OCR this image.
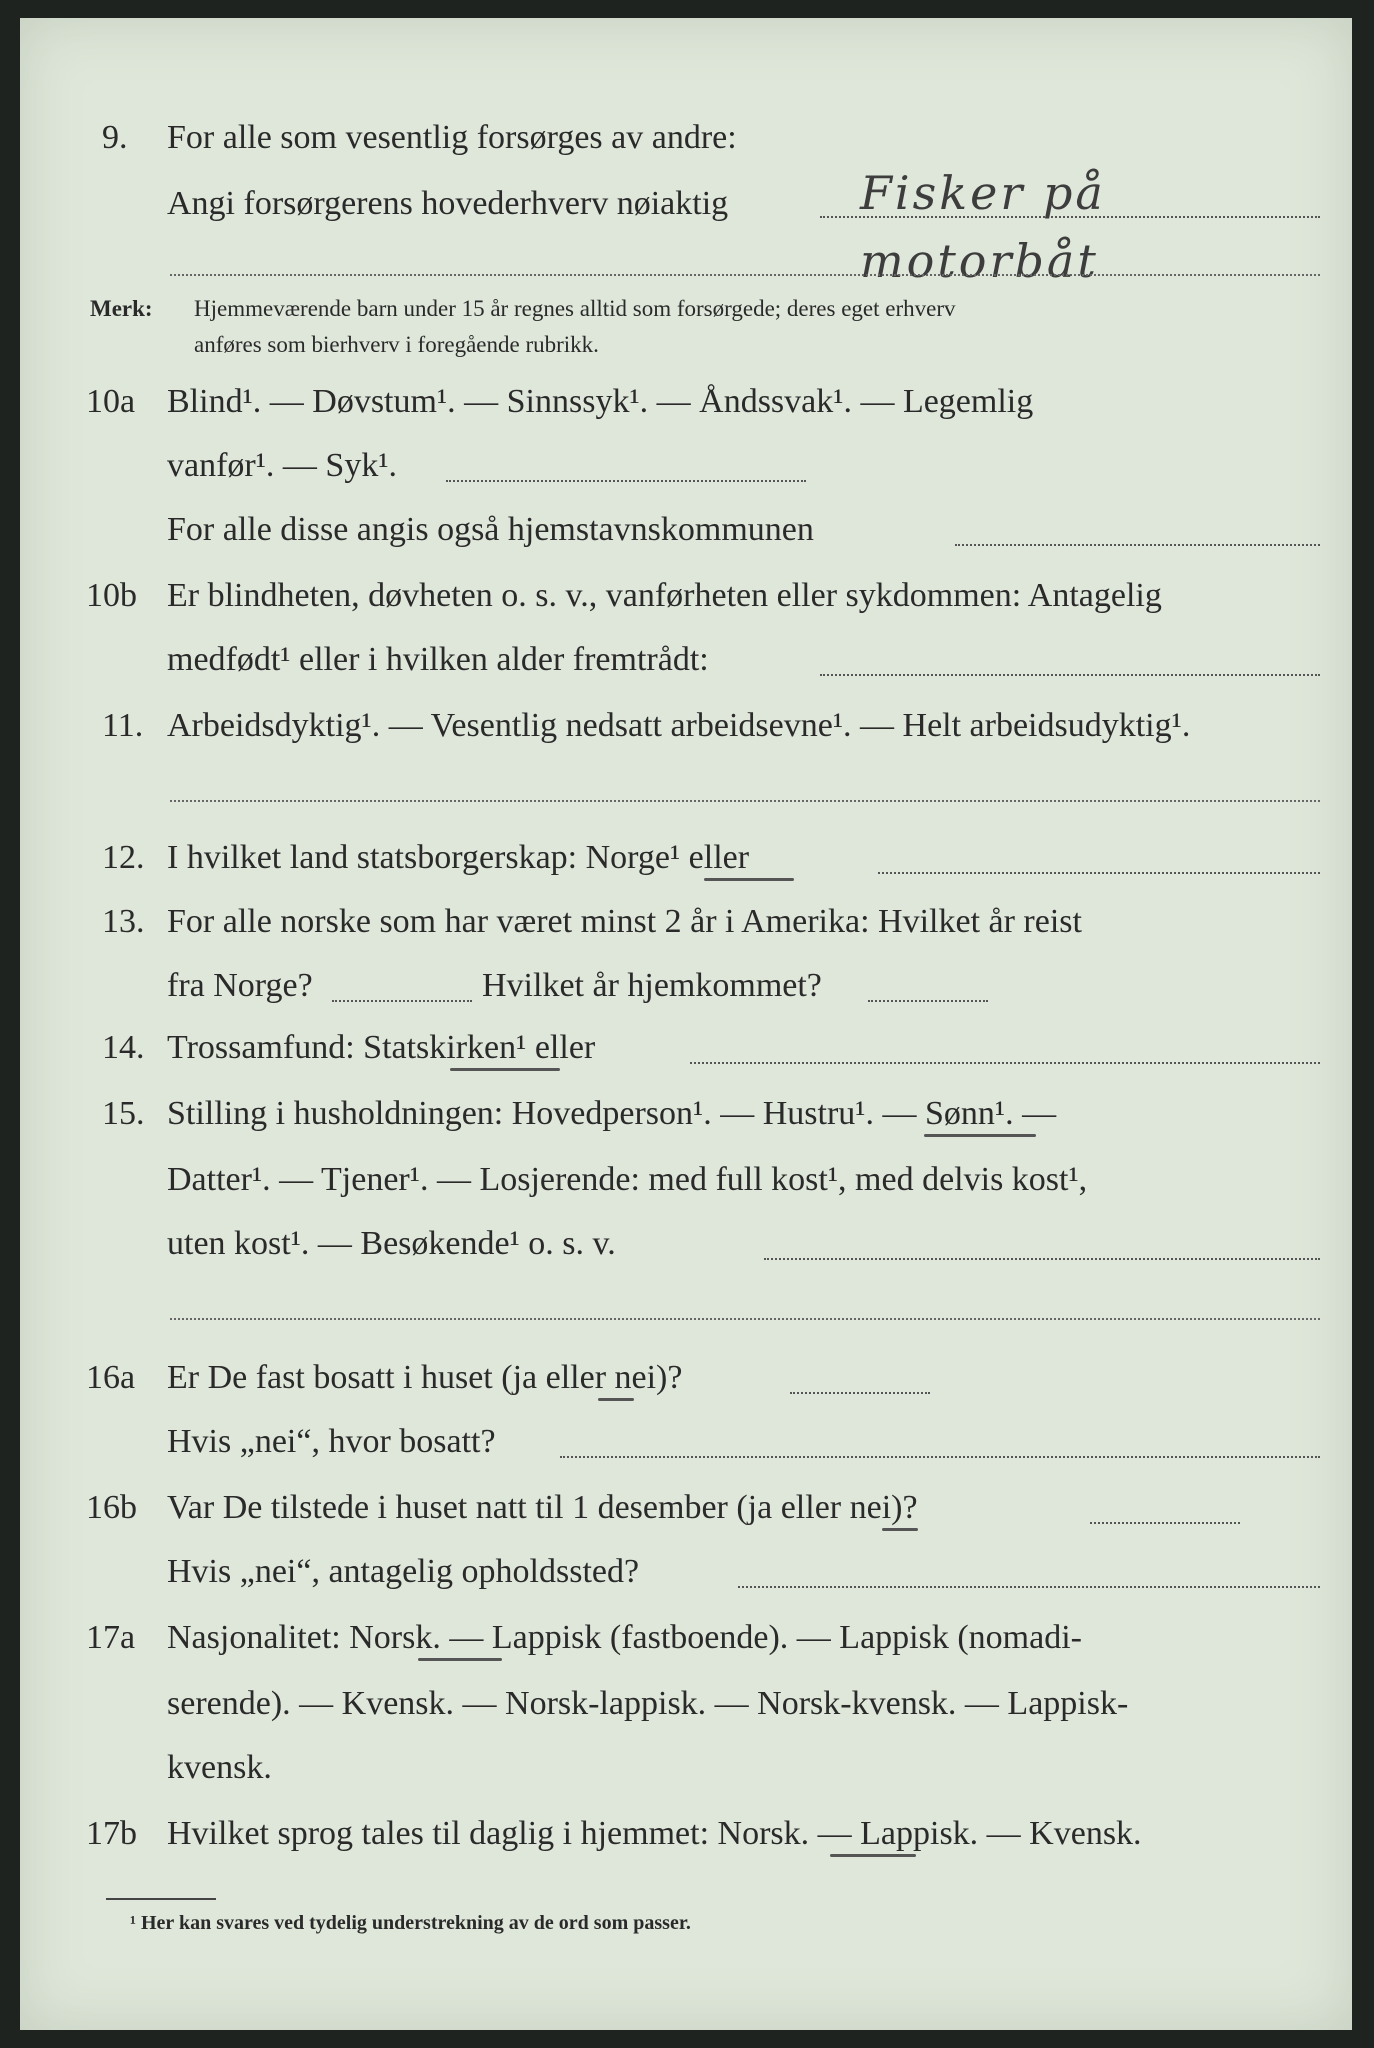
9. For alle som vesentlig forsørges av andre:
Angi forsørgerens hovederhverv nøiaktig	Fisker på
motorbåt
Merk: Hjemmeværende barn under 15 år regnes alltid som forsørgede; deres eget erhverv
anføres som bierhverv i foregående rubrikk.
10a Blind¹. — Døvstum¹. — Sinnssyk¹. — Åndssvak¹. — Legemlig
vanfør¹. — Syk¹.
For alle disse angis også hjemstavnskommunen
10b Er blindheten, døvheten o. s. v., vanførheten eller sykdommen: Antagelig
medfødt¹ eller i hvilken alder fremtrådt:
11. Arbeidsdyktig¹. — Vesentlig nedsatt arbeidsevne¹. — Helt arbeidsudyktig¹.
12. I hvilket land statsborgerskap: Norge¹ eller
13. For alle norske som har været minst 2 år i Amerika: Hvilket år reist
fra Norge?	Hvilket år hjemkommet?
14. Trossamfund: Statskirken¹ eller
15. Stilling i husholdningen: Hovedperson¹. — Hustru¹. — Sønn¹. —
Datter¹. — Tjener¹. — Losjerende: med full kost¹, med delvis kost¹,
uten kost¹. — Besøkende¹ o. s. v.
16a Er De fast bosatt i huset (ja eller nei)?
Hvis „nei“, hvor bosatt?
16b Var De tilstede i huset natt til 1 desember (ja eller nei)?
Hvis „nei“, antagelig opholdssted?
17a Nasjonalitet: Norsk. — Lappisk (fastboende). — Lappisk (nomadi-
serende). — Kvensk. — Norsk-lappisk. — Norsk-kvensk. — Lappisk-
kvensk.
17b Hvilket sprog tales til daglig i hjemmet: Norsk. — Lappisk. — Kvensk.
¹ Her kan svares ved tydelig understrekning av de ord som passer.
